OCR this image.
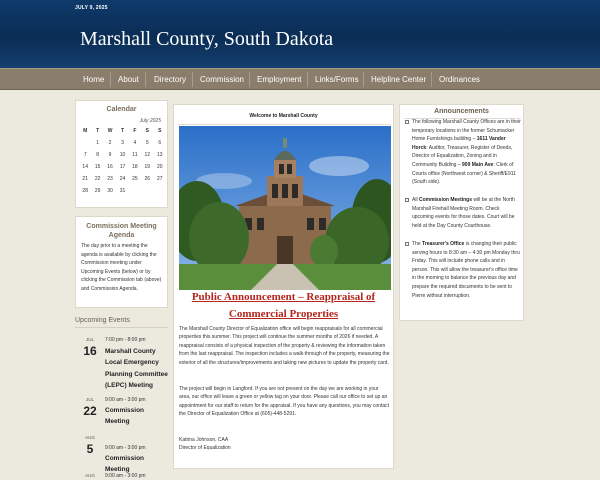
JULY 9, 2025
Marshall County, South Dakota
Home About Directory Commission Employment Links/Forms Helpline Center Ordinances
Calendar
July 2025
M	T	W	T	F	S	S
	1	2	3	4	5	6
7	8	9	10	11	12	13
14	15	16	17	18	19	20
21	22	23	24	25	26	27
28	29	30	31			
Commission Meeting Agenda
The day prior to a meeting the agenda is available by clicking the Commission meeting under Upcoming Events (below) or by clicking the Commission tab (above) and Commission Agenda.
Upcoming Events
JUL
16
7:00 pm - 8:00 pm
Marshall County Local Emergency Planning Committee (LEPC) Meeting
JUL
22
9:00 am - 3:00 pm
Commission Meeting
AUG
5	9:00 am - 3:00 pm
Commission Meeting
AUG	9:00 am - 3:00 pm
Welcome to Marshall County
Public Announcement – Reappraisal of Commercial Properties
The Marshall County Director of Equalization office will begin reappraisals for all commercial properties this summer. This project will continue the summer months of 2026 if needed. A reappraisal consists of a physical inspection of the property & reviewing the information taken from the last reappraisal. The inspection includes a walk-through of the property, measuring the exterior of all the structures/improvements and taking new pictures to update the property card.
The project will begin in Langford. If you are not present on the day we are working in your area, our office will leave a green or yellow tag on your door. Please call our office to set up an appointment for our staff to return for the appraisal. If you have any questions, you may contact the Director of Equalization Office at (605)-448-5291.
Katrina Johnson, CAA
Director of Equalization
Announcements
The following Marshall County Offices are in their temporary locations in the former Schumacker Home Furnishings building – 1611 Vander Horck: Auditor, Treasurer, Register of Deeds, Director of Equalization, Zoning and in Community Building – 909 Main Ave: Clerk of Courts office (Northwest corner) & Sheriff/E911 (South side).
All Commission Meetings will be at the North Marshall Firehall Meeting Room. Check upcoming events for those dates. Court will be held at the Day County Courthouse.
The Treasurer's Office is changing their public serving hours to 8:30 am – 4:30 pm Monday thru Friday. This will include phone calls and in person. This will allow the treasurer's office time in the morning to balance the previous day and prepare the required documents to be sent to Pierre without interruption.
